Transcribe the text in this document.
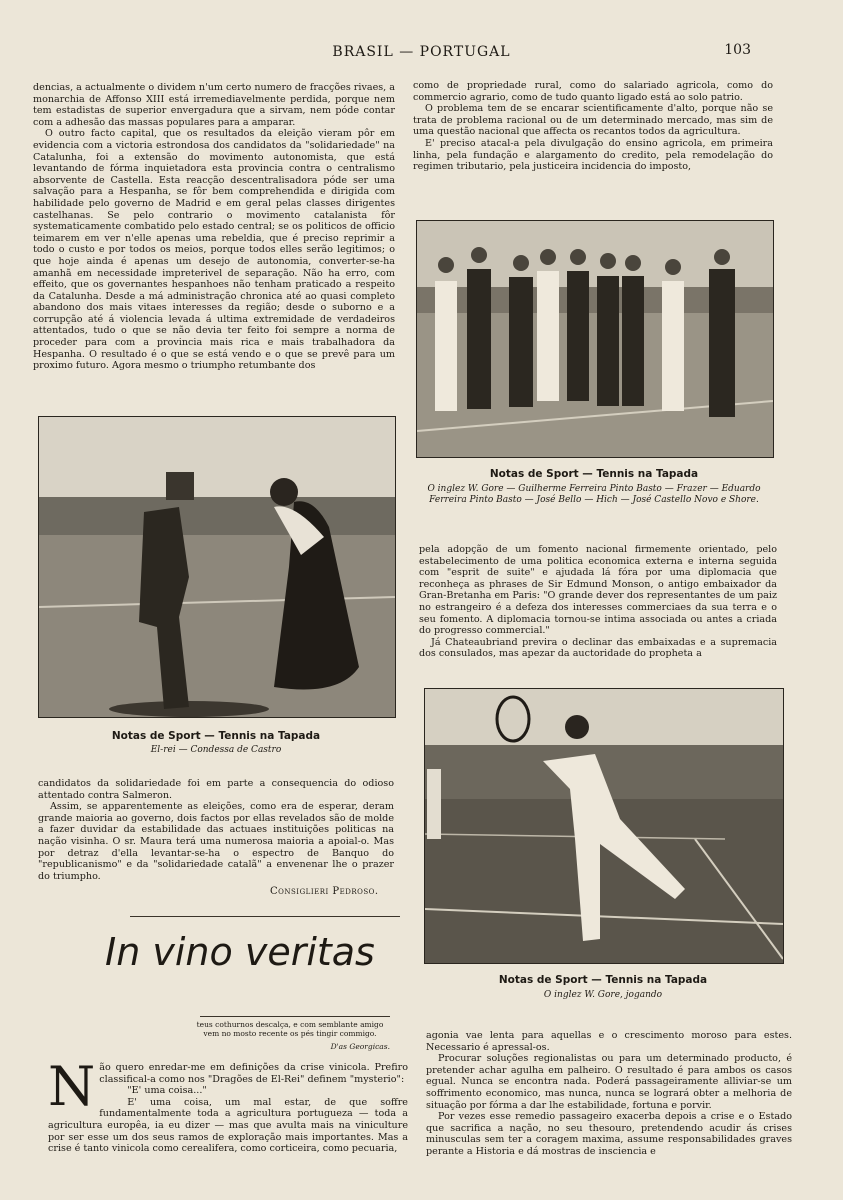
BRASIL — PORTUGAL	103

dencias, a actualmente o dividem n'um certo numero de fracções rivaes, a monarchia de Affonso XIII está irremediavelmente perdida, porque nem tem estadistas de superior envergadura que a sirvam, nem póde contar com a adhesão das massas populares para a amparar.

O outro facto capital, que os resultados da eleição vieram pôr em evidencia com a victoria estrondosa dos candidatos da "solidariedade" na Catalunha, foi a extensão do movimento autonomista, que está levantando de fórma inquietadora esta provincia contra o centralismo absorvente de Castella. Esta reacção descentralisadora póde ser uma salvação para a Hespanha, se fôr bem comprehendida e dirigida com habilidade pelo governo de Madrid e em geral pelas classes dirigentes castelhanas. Se pelo contrario o movimento catalanista fôr systematicamente combatido pelo estado central; se os politicos de officio teimarem em ver n'elle apenas uma rebeldia, que é preciso reprimir a todo o custo e por todos os meios, porque todos elles serão legitimos; o que hoje ainda é apenas um desejo de autonomia, converter-se-ha amanhã em necessidade impreterivel de separação. Não ha erro, com effeito, que os governantes hespanhoes não tenham praticado a respeito da Catalunha. Desde a má administração chronica até ao quasi completo abandono dos mais vitaes interesses da região; desde o suborno e a corrupção até á violencia levada á ultima extremidade de verdadeiros attentados, tudo o que se não devia ter feito foi sempre a norma de proceder para com a provincia mais rica e mais trabalhadora da Hespanha. O resultado é o que se está vendo e o que se prevê para um proximo futuro. Agora mesmo o triumpho retumbante dos

Notas de Sport — Tennis na Tapada
El-rei — Condessa de Castro

candidatos da solidariedade foi em parte a consequencia do odioso attentado contra Salmeron.

Assim, se apparentemente as eleições, como era de esperar, deram grande maioria ao governo, dois factos por ellas revelados são de molde a fazer duvidar da estabilidade das actuaes instituições politicas na nação visinha. O sr. Maura terá uma numerosa maioria a apoial-o. Mas por detraz d'ella levantar-se-ha o espectro de Banquo do "republicanismo" e da "solidariedade catalã" a envenenar lhe o prazer do triumpho.

Consiglieri Pedroso.
In vino veritas
teus cothurnos descalça, e com semblante amigo vem no mosto recente os pés tingir commigo.
D'as Georgicas.
N ão quero enredar-me em definições da crise vinicola. Prefiro classifical-a como nos "Dragões de El-Rei" definem "mysterio":

"E' uma coisa..."

E' uma coisa, um mal estar, de que soffre fundamentalmente toda a agricultura portugueza — toda a agricultura europêa, ia eu dizer — mas que avulta mais na viniculture por ser esse um dos seus ramos de exploração mais importantes. Mas a crise é tanto vinicola como cerealifera, como corticeira, como pecuaria,

como de propriedade rural, como do salariado agricola, como do commercio agrario, como de tudo quanto ligado está ao solo patrio.

O problema tem de se encarar scientificamente d'alto, porque não se trata de problema racional ou de um determinado mercado, mas sim de uma questão nacional que affecta os recantos todos da agricultura.

E' preciso atacal-a pela divulgação do ensino agricola, em primeira linha, pela fundação e alargamento do credito, pela remodelação do regimen tributario, pela justiceira incidencia do imposto,

Notas de Sport — Tennis na Tapada
O inglez W. Gore — Guilherme Ferreira Pinto Basto — Frazer — Eduardo Ferreira Pinto Basto — José Bello — Hich — José Castello Novo e Shore.

pela adopção de um fomento nacional firmemente orientado, pelo estabelecimento de uma politica economica externa e interna seguida com "esprit de suite" e ajudada lá fóra por uma diplomacia que reconheça as phrases de Sir Edmund Monson, o antigo embaixador da Gran-Bretanha em Paris: "O grande dever dos representantes de um paiz no estrangeiro é a defeza dos interesses commerciaes da sua terra e o seu fomento. A diplomacia tornou-se intima associada ou antes a criada do progresso commercial."

Já Chateaubriand previra o declinar das embaixadas e a supremacia dos consulados, mas apezar da auctoridade do propheta a

Notas de Sport — Tennis na Tapada
O inglez W. Gore, jogando

agonia vae lenta para aquellas e o crescimento moroso para estes. Necessario é apressal-os.

Procurar soluções regionalistas ou para um determinado producto, é pretender achar agulha em palheiro. O resultado é para ambos os casos egual. Nunca se encontra nada. Poderá passageiramente alliviar-se um soffrimento economico, mas nunca, nunca se logrará obter a melhoria de situação por fórma a dar lhe estabilidade, fortuna e porvir.

Por vezes esse remedio passageiro exacerba depois a crise e o Estado que sacrifica a nação, no seu thesouro, pretendendo acudir ás crises minusculas sem ter a coragem maxima, assume responsabilidades graves perante a Historia e dá mostras de insciencia e
